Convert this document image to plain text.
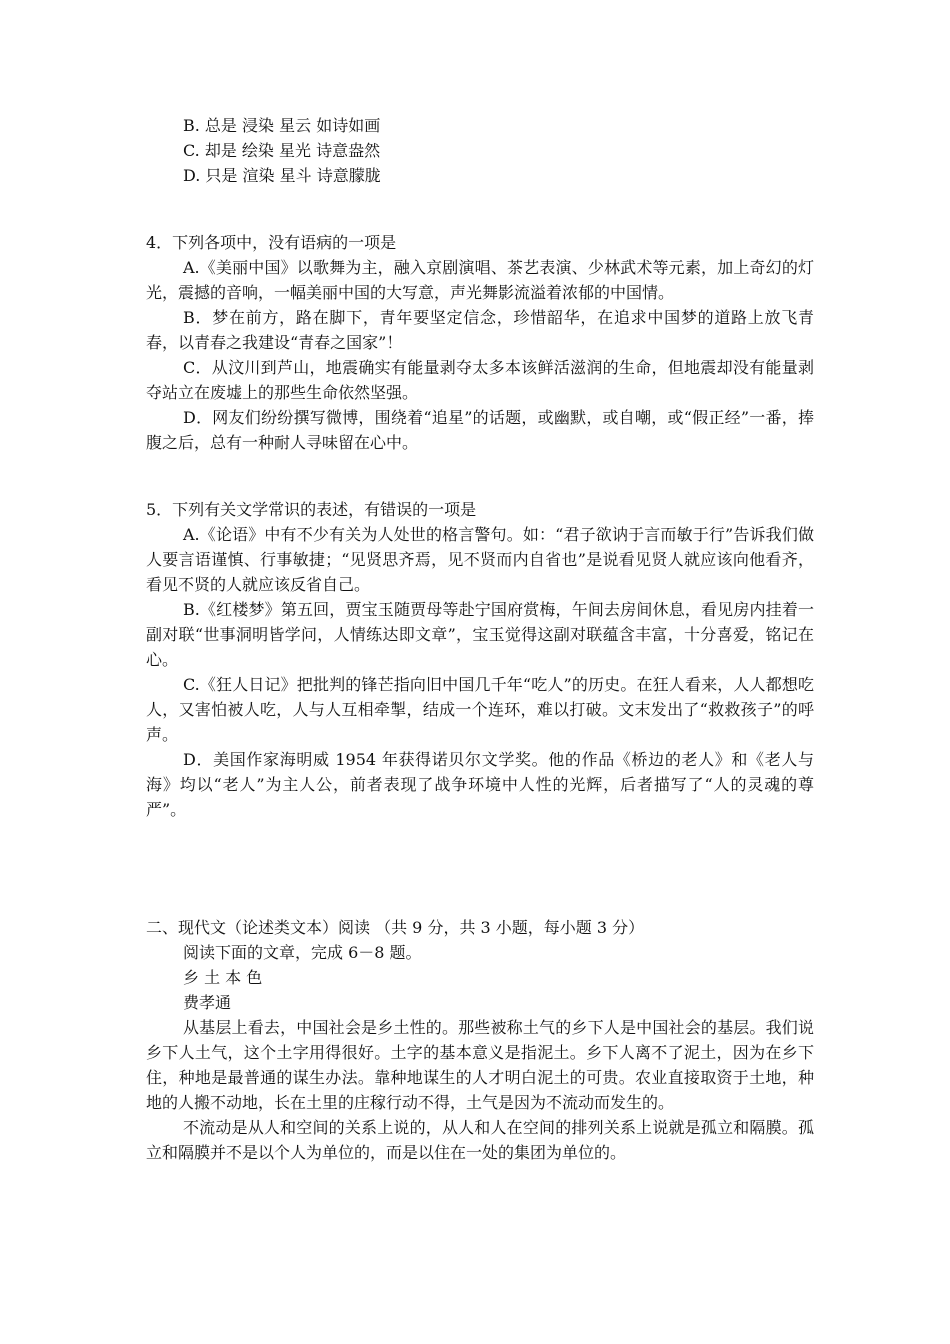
B. 总是 浸染 星云 如诗如画
C. 却是 绘染 星光 诗意盎然
D. 只是 渲染 星斗 诗意朦胧
4．下列各项中，没有语病的一项是

A.《美丽中国》以歌舞为主，融入京剧演唱、茶艺表演、少林武术等元素，加上奇幻的灯光，震撼的音响，一幅美丽中国的大写意，声光舞影流溢着浓郁的中国情。

B．梦在前方，路在脚下，青年要坚定信念，珍惜韶华，在追求中国梦的道路上放飞青春，以青春之我建设“青春之国家”！

C．从汶川到芦山，地震确实有能量剥夺太多本该鲜活滋润的生命，但地震却没有能量剥夺站立在废墟上的那些生命依然坚强。

D．网友们纷纷撰写微博，围绕着“追星”的话题，或幽默，或自嘲，或“假正经”一番，捧腹之后，总有一种耐人寻味留在心中。

5．下列有关文学常识的表述，有错误的一项是

A.《论语》中有不少有关为人处世的格言警句。如：“君子欲讷于言而敏于行”告诉我们做人要言语谨慎、行事敏捷；“见贤思齐焉，见不贤而内自省也”是说看见贤人就应该向他看齐，看见不贤的人就应该反省自己。

B.《红楼梦》第五回，贾宝玉随贾母等赴宁国府赏梅，午间去房间休息，看见房内挂着一副对联“世事洞明皆学问，人情练达即文章”，宝玉觉得这副对联蕴含丰富，十分喜爱，铭记在心。

C.《狂人日记》把批判的锋芒指向旧中国几千年“吃人”的历史。在狂人看来，人人都想吃人，又害怕被人吃，人与人互相牵掣，结成一个连环，难以打破。文末发出了“救救孩子”的呼声。

D．美国作家海明威 1954 年获得诺贝尔文学奖。他的作品《桥边的老人》和《老人与海》均以“老人”为主人公，前者表现了战争环境中人性的光辉，后者描写了“人的灵魂的尊严”。

二、现代文（论述类文本）阅读 （共 9 分，共 3 小题，每小题 3 分）
阅读下面的文章，完成 6－8 题。
乡 土 本 色
费孝通

从基层上看去，中国社会是乡土性的。那些被称土气的乡下人是中国社会的基层。我们说乡下人土气，这个土字用得很好。土字的基本意义是指泥土。乡下人离不了泥土，因为在乡下住，种地是最普通的谋生办法。靠种地谋生的人才明白泥土的可贵。农业直接取资于土地，种地的人搬不动地，长在土里的庄稼行动不得，土气是因为不流动而发生的。

不流动是从人和空间的关系上说的，从人和人在空间的排列关系上说就是孤立和隔膜。孤立和隔膜并不是以个人为单位的，而是以住在一处的集团为单位的。
